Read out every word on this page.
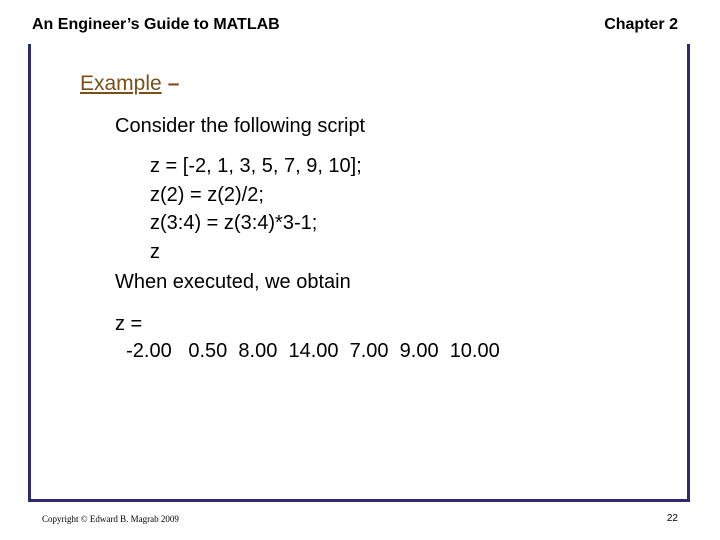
An Engineer’s Guide to MATLAB	Chapter 2
Example –
Consider the following script
z = [-2, 1, 3, 5, 7, 9, 10];
z(2) = z(2)/2;
z(3:4) = z(3:4)*3-1;
z
When executed, we obtain
z =
-2.00   0.50  8.00  14.00  7.00  9.00  10.00
Copyright © Edward B. Magrab 2009	22
